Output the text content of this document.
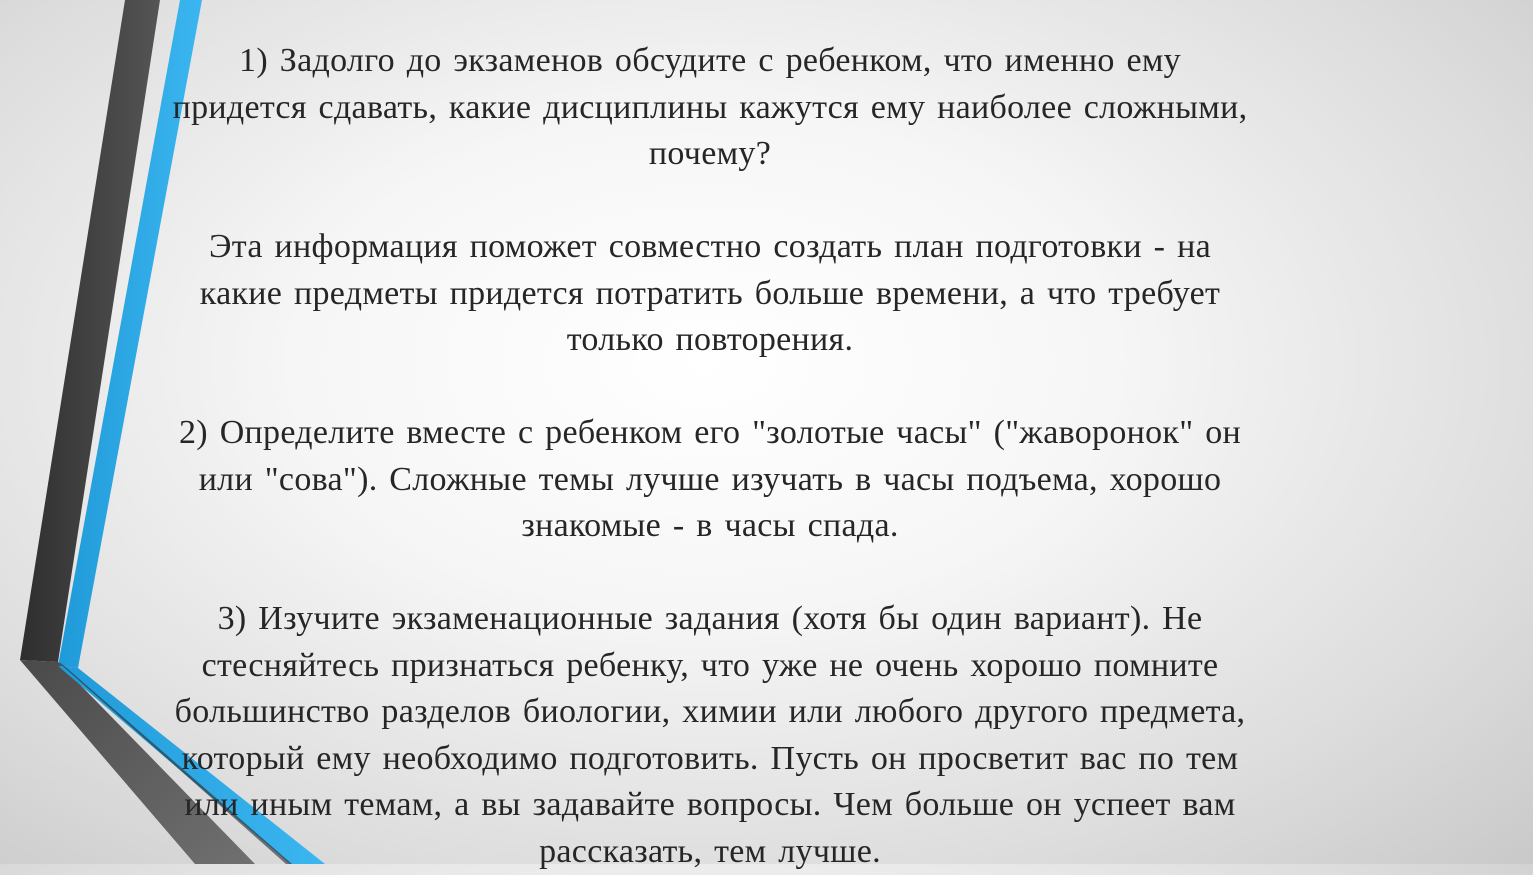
1) Задолго до экзаменов обсудите с ребенком, что именно ему
придется сдавать, какие дисциплины кажутся ему наиболее сложными,
почему?

Эта информация поможет совместно создать план подготовки - на
какие предметы придется потратить больше времени, а что требует
только повторения.

2) Определите вместе с ребенком его "золотые часы" ("жаворонок" он
или "сова"). Сложные темы лучше изучать в часы подъема, хорошо
знакомые - в часы спада.

3) Изучите экзаменационные задания (хотя бы один вариант). Не
стесняйтесь признаться ребенку, что уже не очень хорошо помните
большинство разделов биологии, химии или любого другого предмета,
который ему необходимо подготовить. Пусть он просветит вас по тем
или иным темам, а вы задавайте вопросы. Чем больше он успеет вам
рассказать, тем лучше.
